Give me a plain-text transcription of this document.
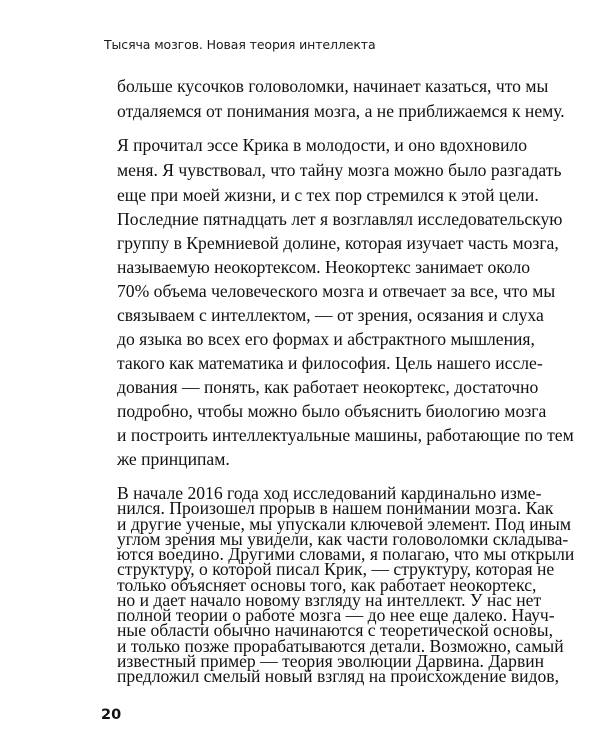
Тысяча мозгов. Новая теория интеллекта
больше кусочков головоломки, начинает казаться, что мы
отдаляемся от понимания мозга, а не приближаемся к нему.
Я прочитал эссе Крика в молодости, и оно вдохновило
меня. Я чувствовал, что тайну мозга можно было разгадать
еще при моей жизни, и с тех пор стремился к этой цели.
Последние пятнадцать лет я возглавлял исследовательскую
группу в Кремниевой долине, которая изучает часть мозга,
называемую неокортексом. Неокортекс занимает около
70% объема человеческого мозга и отвечает за все, что мы
связываем с интеллектом, — от зрения, осязания и слуха
до языка во всех его формах и абстрактного мышления,
такого как математика и философия. Цель нашего иссле-
дования — понять, как работает неокортекс, достаточно
подробно, чтобы можно было объяснить биологию мозга
и построить интеллектуальные машины, работающие по тем
же принципам.
В начале 2016 года ход исследований кардинально изме-
нился. Произошел прорыв в нашем понимании мозга. Как
и другие ученые, мы упускали ключевой элемент. Под иным
углом зрения мы увидели, как части головоломки складыва-
ются воедино. Другими словами, я полагаю, что мы открыли
структуру, о которой писал Крик, — структуру, которая не
только объясняет основы того, как работает неокортекс,
но и дает начало новому взгляду на интеллект. У нас нет
полной теории о работе мозга — до нее еще далеко. Науч-
ные области обычно начинаются с теоретической основы,
и только позже прорабатываются детали. Возможно, самый
известный пример — теория эволюции Дарвина. Дарвин
предложил смелый новый взгляд на происхождение видов,
20
